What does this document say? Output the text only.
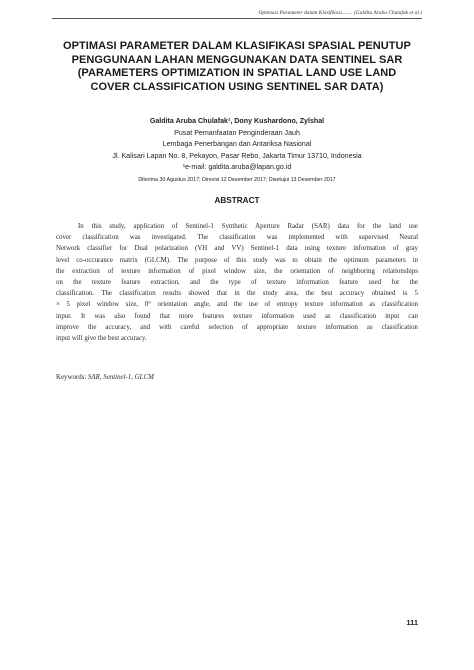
Optimasi Parameter dalam Klasifikasi........ (Galdita Aruba Chulafak et al.)
OPTIMASI PARAMETER DALAM KLASIFIKASI SPASIAL PENUTUP
PENGGUNAAN LAHAN MENGGUNAKAN DATA SENTINEL SAR
(PARAMETERS OPTIMIZATION IN SPATIAL LAND USE LAND
COVER CLASSIFICATION USING SENTINEL SAR DATA)
Galdita Aruba Chulafak¹, Dony Kushardono, Zylshal
Pusat Pemanfaatan Penginderaan Jauh
Lembaga Penerbangan dan Antariksa Nasional
Jl. Kalisari Lapan No. 8, Pekayon, Pasar Rebo, Jakarta Timur 13710, Indonesia
¹e-mail: galdita.aruba@lapan.go.id
Diterima 30 Agustus 2017; Direvisi 12 Desember 2017; Disetujui 13 Desember 2017
ABSTRACT
In this study, application of Sentinel-1 Synthetic Aperture Radar (SAR) data for the land use
cover classification was investigated. The classification was implemented with supervised Neural
Network classifier for Dual polarization (VH and VV) Sentinel-1 data using texture information of gray
level co-occurance matrix (GLCM). The purpose of this study was to obtain the optimum parameters in
the extraction of texture information of pixel window size, the orientation of neighboring relationships
on the texture feature extraction, and the type of texture information feature used for the
classification. The classification results showed that in the study area, the best accuracy obtained is 5
× 5 pixel window size, 0° orientation angle, and the use of entropy texture information as classification
input. It was also found that more features texture information used as classification input can
improve the accuracy, and with careful selection of appropriate texture information as classification
input will give the best accuracy.
Keywords: SAR, Sentinel-1, GLCM
111
